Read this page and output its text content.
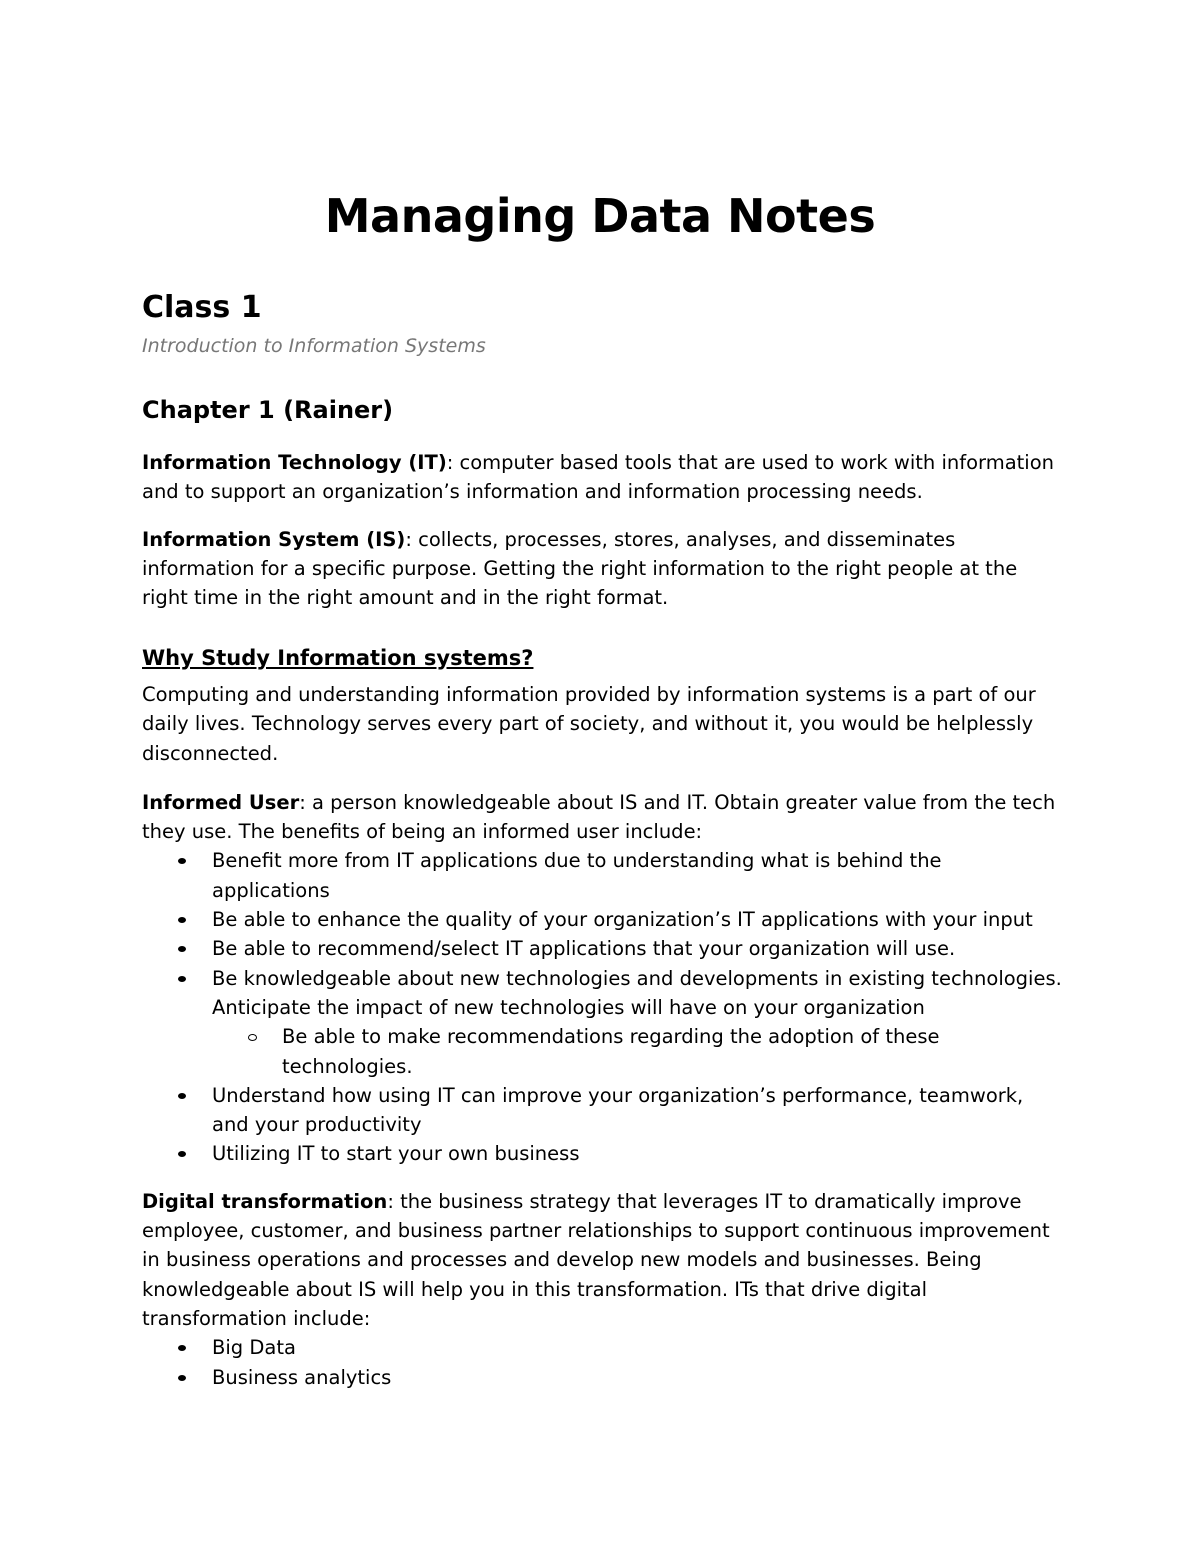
Managing Data Notes
Class 1
Introduction to Information Systems
Chapter 1 (Rainer)

Information Technology (IT): computer based tools that are used to work with information and to support an organization’s information and information processing needs.

Information System (IS): collects, processes, stores, analyses, and disseminates information for a specific purpose. Getting the right information to the right people at the right time in the right amount and in the right format.

Why Study Information systems?

Computing and understanding information provided by information systems is a part of our daily lives. Technology serves every part of society, and without it, you would be helplessly disconnected.

Informed User: a person knowledgeable about IS and IT. Obtain greater value from the tech they use. The benefits of being an informed user include:

Benefit more from IT applications due to understanding what is behind the applications
Be able to enhance the quality of your organization’s IT applications with your input
Be able to recommend/select IT applications that your organization will use.
Be knowledgeable about new technologies and developments in existing technologies. Anticipate the impact of new technologies will have on your organization
Be able to make recommendations regarding the adoption of these technologies.
Understand how using IT can improve your organization’s performance, teamwork, and your productivity
Utilizing IT to start your own business

Digital transformation: the business strategy that leverages IT to dramatically improve employee, customer, and business partner relationships to support continuous improvement in business operations and processes and develop new models and businesses. Being knowledgeable about IS will help you in this transformation. ITs that drive digital transformation include:

Big Data
Business analytics
